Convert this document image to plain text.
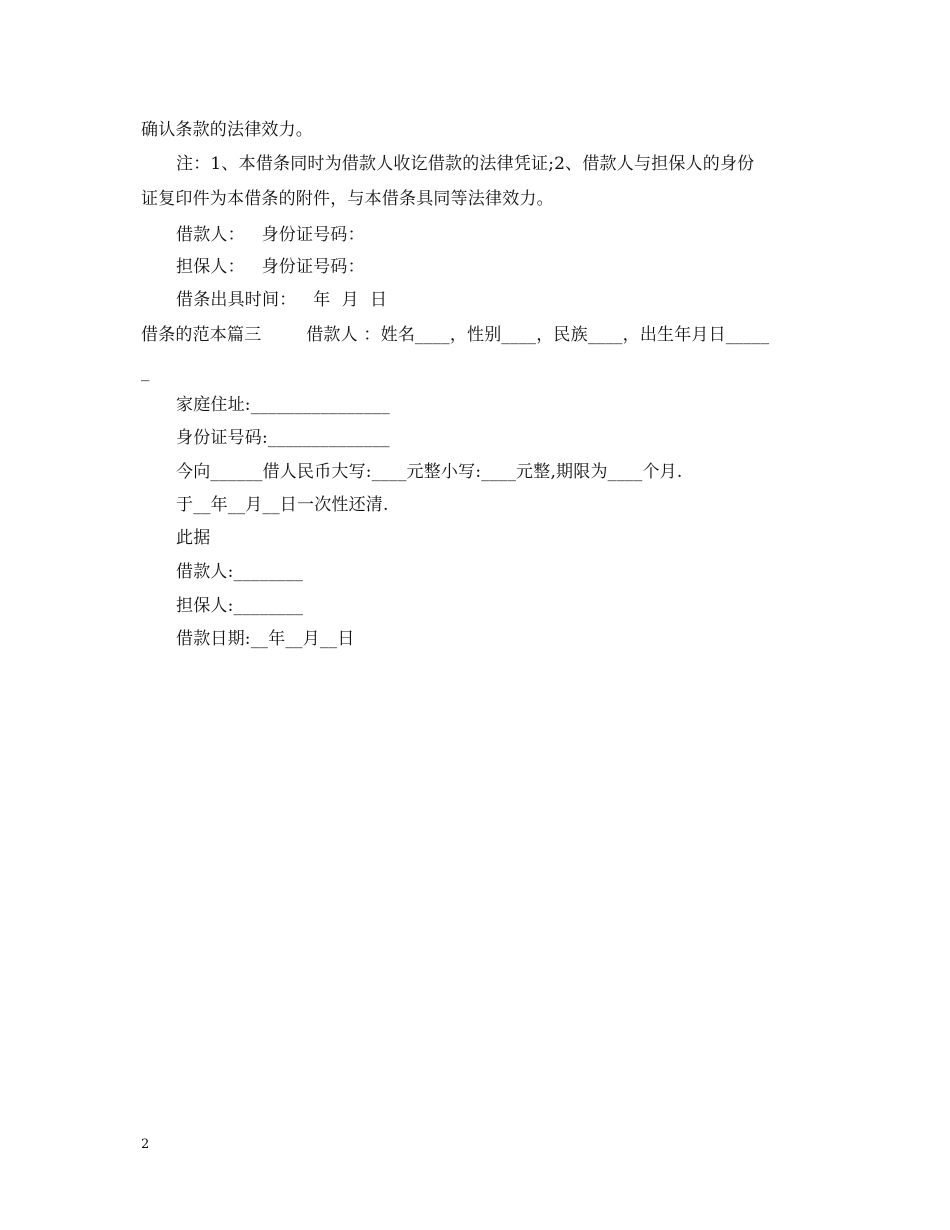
确认条款的法律效力。
注：1、本借条同时为借款人收讫借款的法律凭证;2、借款人与担保人的身份
证复印件为本借条的附件，与本借条具同等法律效力。
借款人：   身份证号码：
担保人：   身份证号码：
借条出具时间：   年  月  日
借条的范本篇三        借款人 ：姓名____，性别____，民族____，出生年月日_____
_
家庭住址:________________
身份证号码:______________
今向______借人民币大写:____元整小写:____元整,期限为____个月.
于__年__月__日一次性还清.
此据
借款人:________
担保人:________
借款日期:__年__月__日
2
